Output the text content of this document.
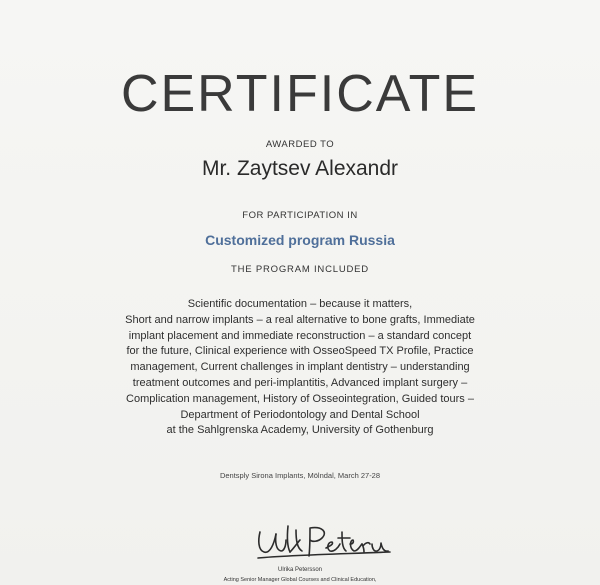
CERTIFICATE
AWARDED TO
Mr. Zaytsev Alexandr
FOR PARTICIPATION IN
Customized program Russia
THE PROGRAM INCLUDED
Scientific documentation – because it matters,
Short and narrow implants – a real alternative to bone grafts, Immediate
implant placement and immediate reconstruction – a standard concept
for the future, Clinical experience with OsseoSpeed TX Profile, Practice
management, Current challenges in implant dentistry – understanding
treatment outcomes and peri-implantitis, Advanced implant surgery –
Complication management, History of Osseointegration, Guided tours –
Department of Periodontology and Dental School
at the Sahlgrenska Academy, University of Gothenburg
Dentsply Sirona Implants, Mölndal, March 27-28
Ulrika Petersson
Acting Senior Manager Global Courses and Clinical Education,
